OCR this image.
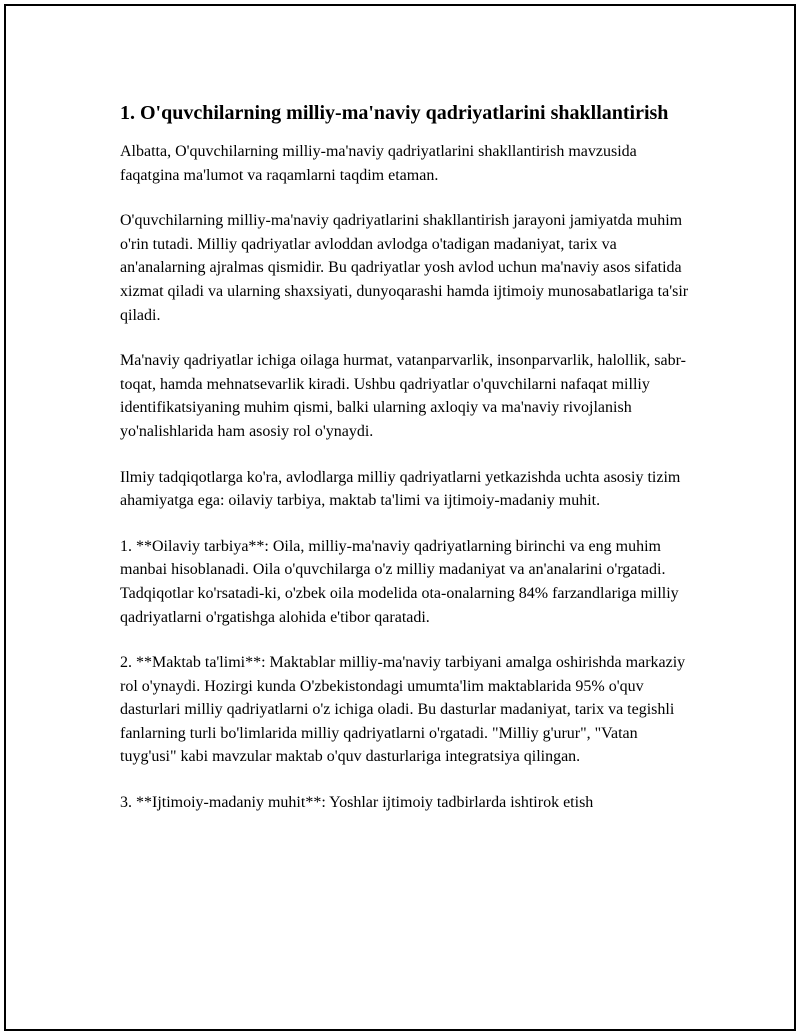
1. O'quvchilarning milliy-ma'naviy qadriyatlarini shakllantirish

Albatta, O'quvchilarning milliy-ma'naviy qadriyatlarini shakllantirish mavzusida faqatgina ma'lumot va raqamlarni taqdim etaman.

O'quvchilarning milliy-ma'naviy qadriyatlarini shakllantirish jarayoni jamiyatda muhim o'rin tutadi. Milliy qadriyatlar avloddan avlodga o'tadigan madaniyat, tarix va an'analarning ajralmas qismidir. Bu qadriyatlar yosh avlod uchun ma'naviy asos sifatida xizmat qiladi va ularning shaxsiyati, dunyoqarashi hamda ijtimoiy munosabatlariga ta'sir qiladi.

Ma'naviy qadriyatlar ichiga oilaga hurmat, vatanparvarlik, insonparvarlik, halollik, sabr-toqat, hamda mehnatsevarlik kiradi. Ushbu qadriyatlar o'quvchilarni nafaqat milliy identifikatsiyaning muhim qismi, balki ularning axloqiy va ma'naviy rivojlanish yo'nalishlarida ham asosiy rol o'ynaydi.

Ilmiy tadqiqotlarga ko'ra, avlodlarga milliy qadriyatlarni yetkazishda uchta asosiy tizim ahamiyatga ega: oilaviy tarbiya, maktab ta'limi va ijtimoiy-madaniy muhit.

1. **Oilaviy tarbiya**: Oila, milliy-ma'naviy qadriyatlarning birinchi va eng muhim manbai hisoblanadi. Oila o'quvchilarga o'z milliy madaniyat va an'analarini o'rgatadi. Tadqiqotlar ko'rsatadi-ki, o'zbek oila modelida ota-onalarning 84% farzandlariga milliy qadriyatlarni o'rgatishga alohida e'tibor qaratadi.

2. **Maktab ta'limi**: Maktablar milliy-ma'naviy tarbiyani amalga oshirishda markaziy rol o'ynaydi. Hozirgi kunda O'zbekistondagi umumta'lim maktablarida 95% o'quv dasturlari milliy qadriyatlarni o'z ichiga oladi. Bu dasturlar madaniyat, tarix va tegishli fanlarning turli bo'limlarida milliy qadriyatlarni o'rgatadi. "Milliy g'urur", "Vatan tuyg'usi" kabi mavzular maktab o'quv dasturlariga integratsiya qilingan.

3. **Ijtimoiy-madaniy muhit**: Yoshlar ijtimoiy tadbirlarda ishtirok etish
